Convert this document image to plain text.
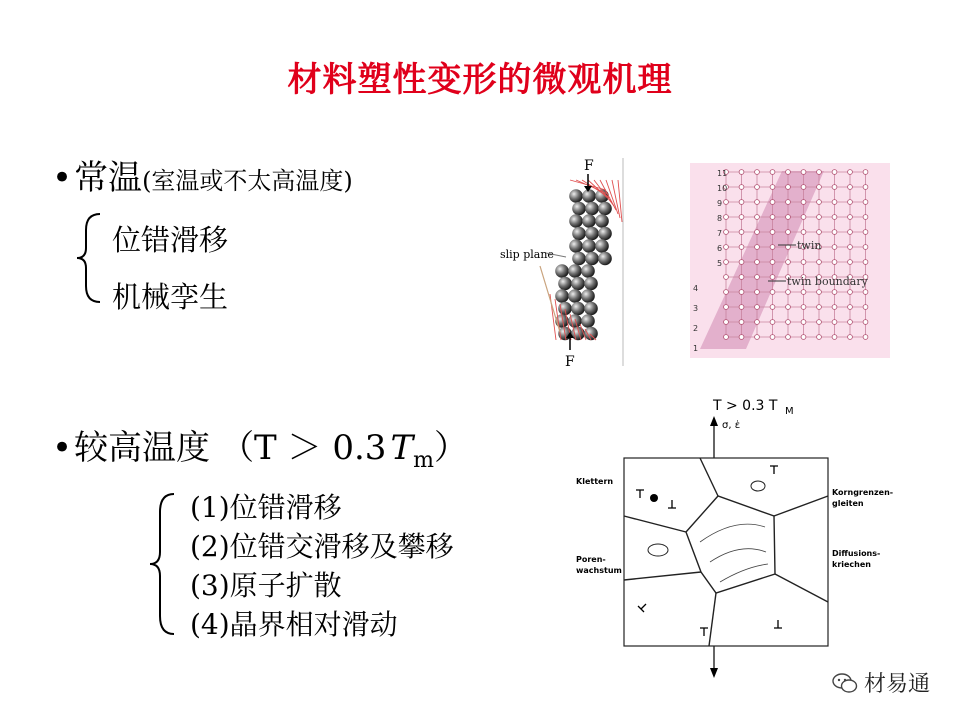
材料塑性变形的微观机理
•常温(室温或不太高温度)
位错滑移
机械孪生
•较高温度 （T ＞ 0.3 $T_m$）
(1)位错滑移
(2)位错交滑移及攀移
(3)原子扩散
(4)晶界相对滑动
F
F
slip plane
11
10
9
8
7
6
5
4
3
2
1
twin
twin boundary
T > 0.3 T M
σ, ε̇
Klettern
Korngrenzen-
gleiten
Poren-
wachstum
Diffusions-
kriechen
材易通
